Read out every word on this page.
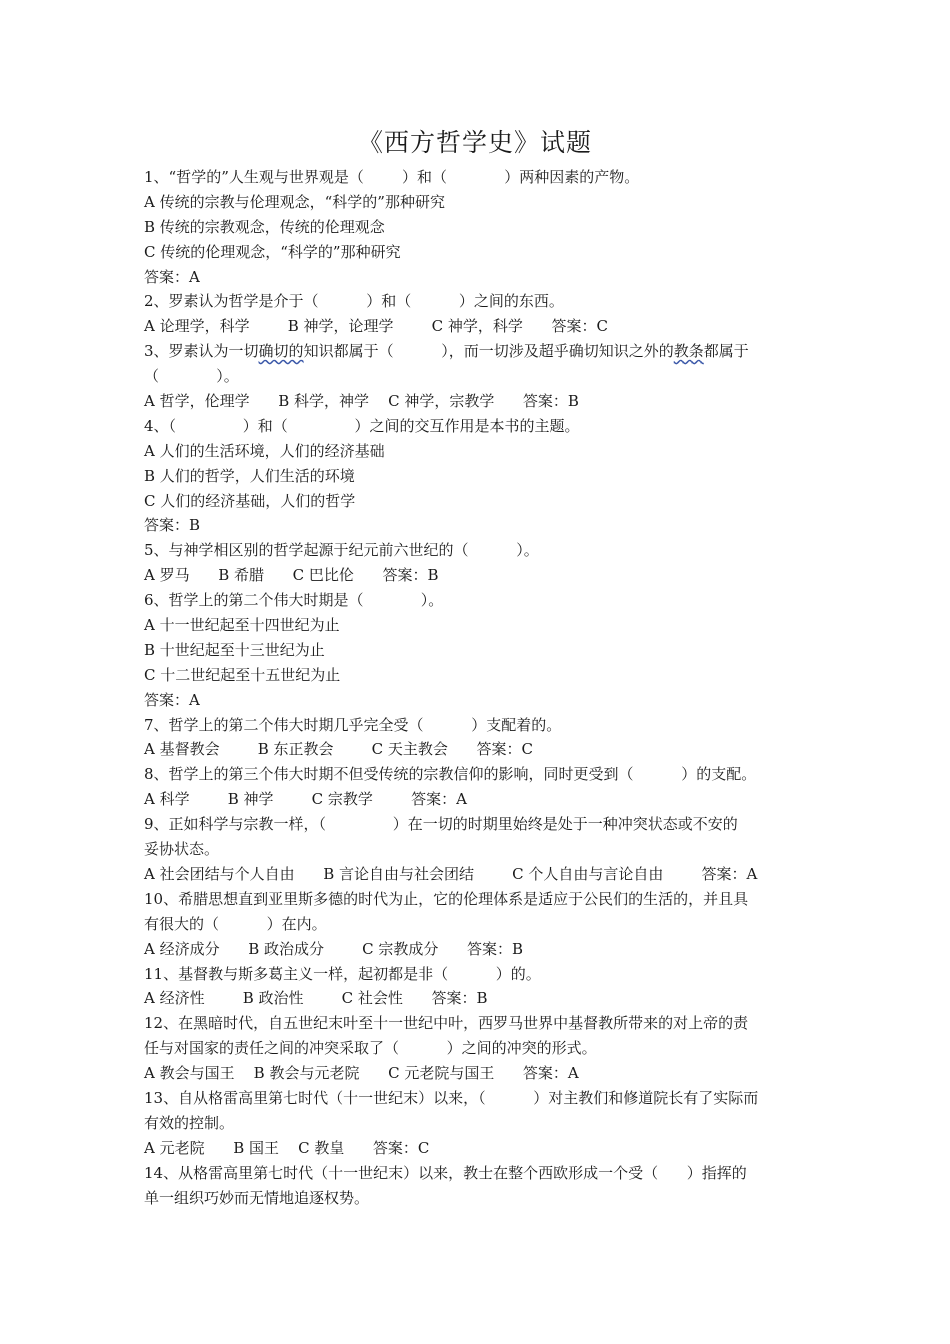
《西方哲学史》试题
1、“哲学的”人生观与世界观是（        ）和（            ）两种因素的产物。
A 传统的宗教与伦理观念，“科学的”那种研究
B 传统的宗教观念，传统的伦理观念
C 传统的伦理观念，“科学的”那种研究
答案：A
2、罗素认为哲学是介于（          ）和（          ）之间的东西。
A 论理学，科学        B 神学，论理学        C 神学，科学      答案：C
3、罗素认为一切确切的知识都属于（          ），而一切涉及超乎确切知识之外的教条都属于
（            ）。
A 哲学，伦理学      B 科学，神学    C 神学，宗教学      答案：B
4、（              ）和（              ）之间的交互作用是本书的主题。
A 人们的生活环境，人们的经济基础
B 人们的哲学，人们生活的环境
C 人们的经济基础，人们的哲学
答案：B
5、与神学相区别的哲学起源于纪元前六世纪的（          ）。
A 罗马      B 希腊      C 巴比伦      答案：B
6、哲学上的第二个伟大时期是（            ）。
A 十一世纪起至十四世纪为止
B 十世纪起至十三世纪为止
C 十二世纪起至十五世纪为止
答案：A
7、哲学上的第二个伟大时期几乎完全受（          ）支配着的。
A 基督教会        B 东正教会        C 天主教会      答案：C
8、哲学上的第三个伟大时期不但受传统的宗教信仰的影响，同时更受到（          ）的支配。
A 科学        B 神学        C 宗教学        答案：A
9、正如科学与宗教一样，（              ）在一切的时期里始终是处于一种冲突状态或不安的
妥协状态。
A 社会团结与个人自由      B 言论自由与社会团结        C 个人自由与言论自由        答案：A
10、希腊思想直到亚里斯多德的时代为止，它的伦理体系是适应于公民们的生活的，并且具
有很大的（          ）在内。
A 经济成分      B 政治成分        C 宗教成分      答案：B
11、基督教与斯多葛主义一样，起初都是非（          ）的。
A 经济性        B 政治性        C 社会性      答案：B
12、在黑暗时代，自五世纪末叶至十一世纪中叶，西罗马世界中基督教所带来的对上帝的责
任与对国家的责任之间的冲突采取了（          ）之间的冲突的形式。
A 教会与国王    B 教会与元老院      C 元老院与国王      答案：A
13、自从格雷高里第七时代（十一世纪末）以来，（          ）对主教们和修道院长有了实际而
有效的控制。
A 元老院      B 国王    C 教皇      答案：C
14、从格雷高里第七时代（十一世纪末）以来，教士在整个西欧形成一个受（      ）指挥的
单一组织巧妙而无情地追逐权势。
